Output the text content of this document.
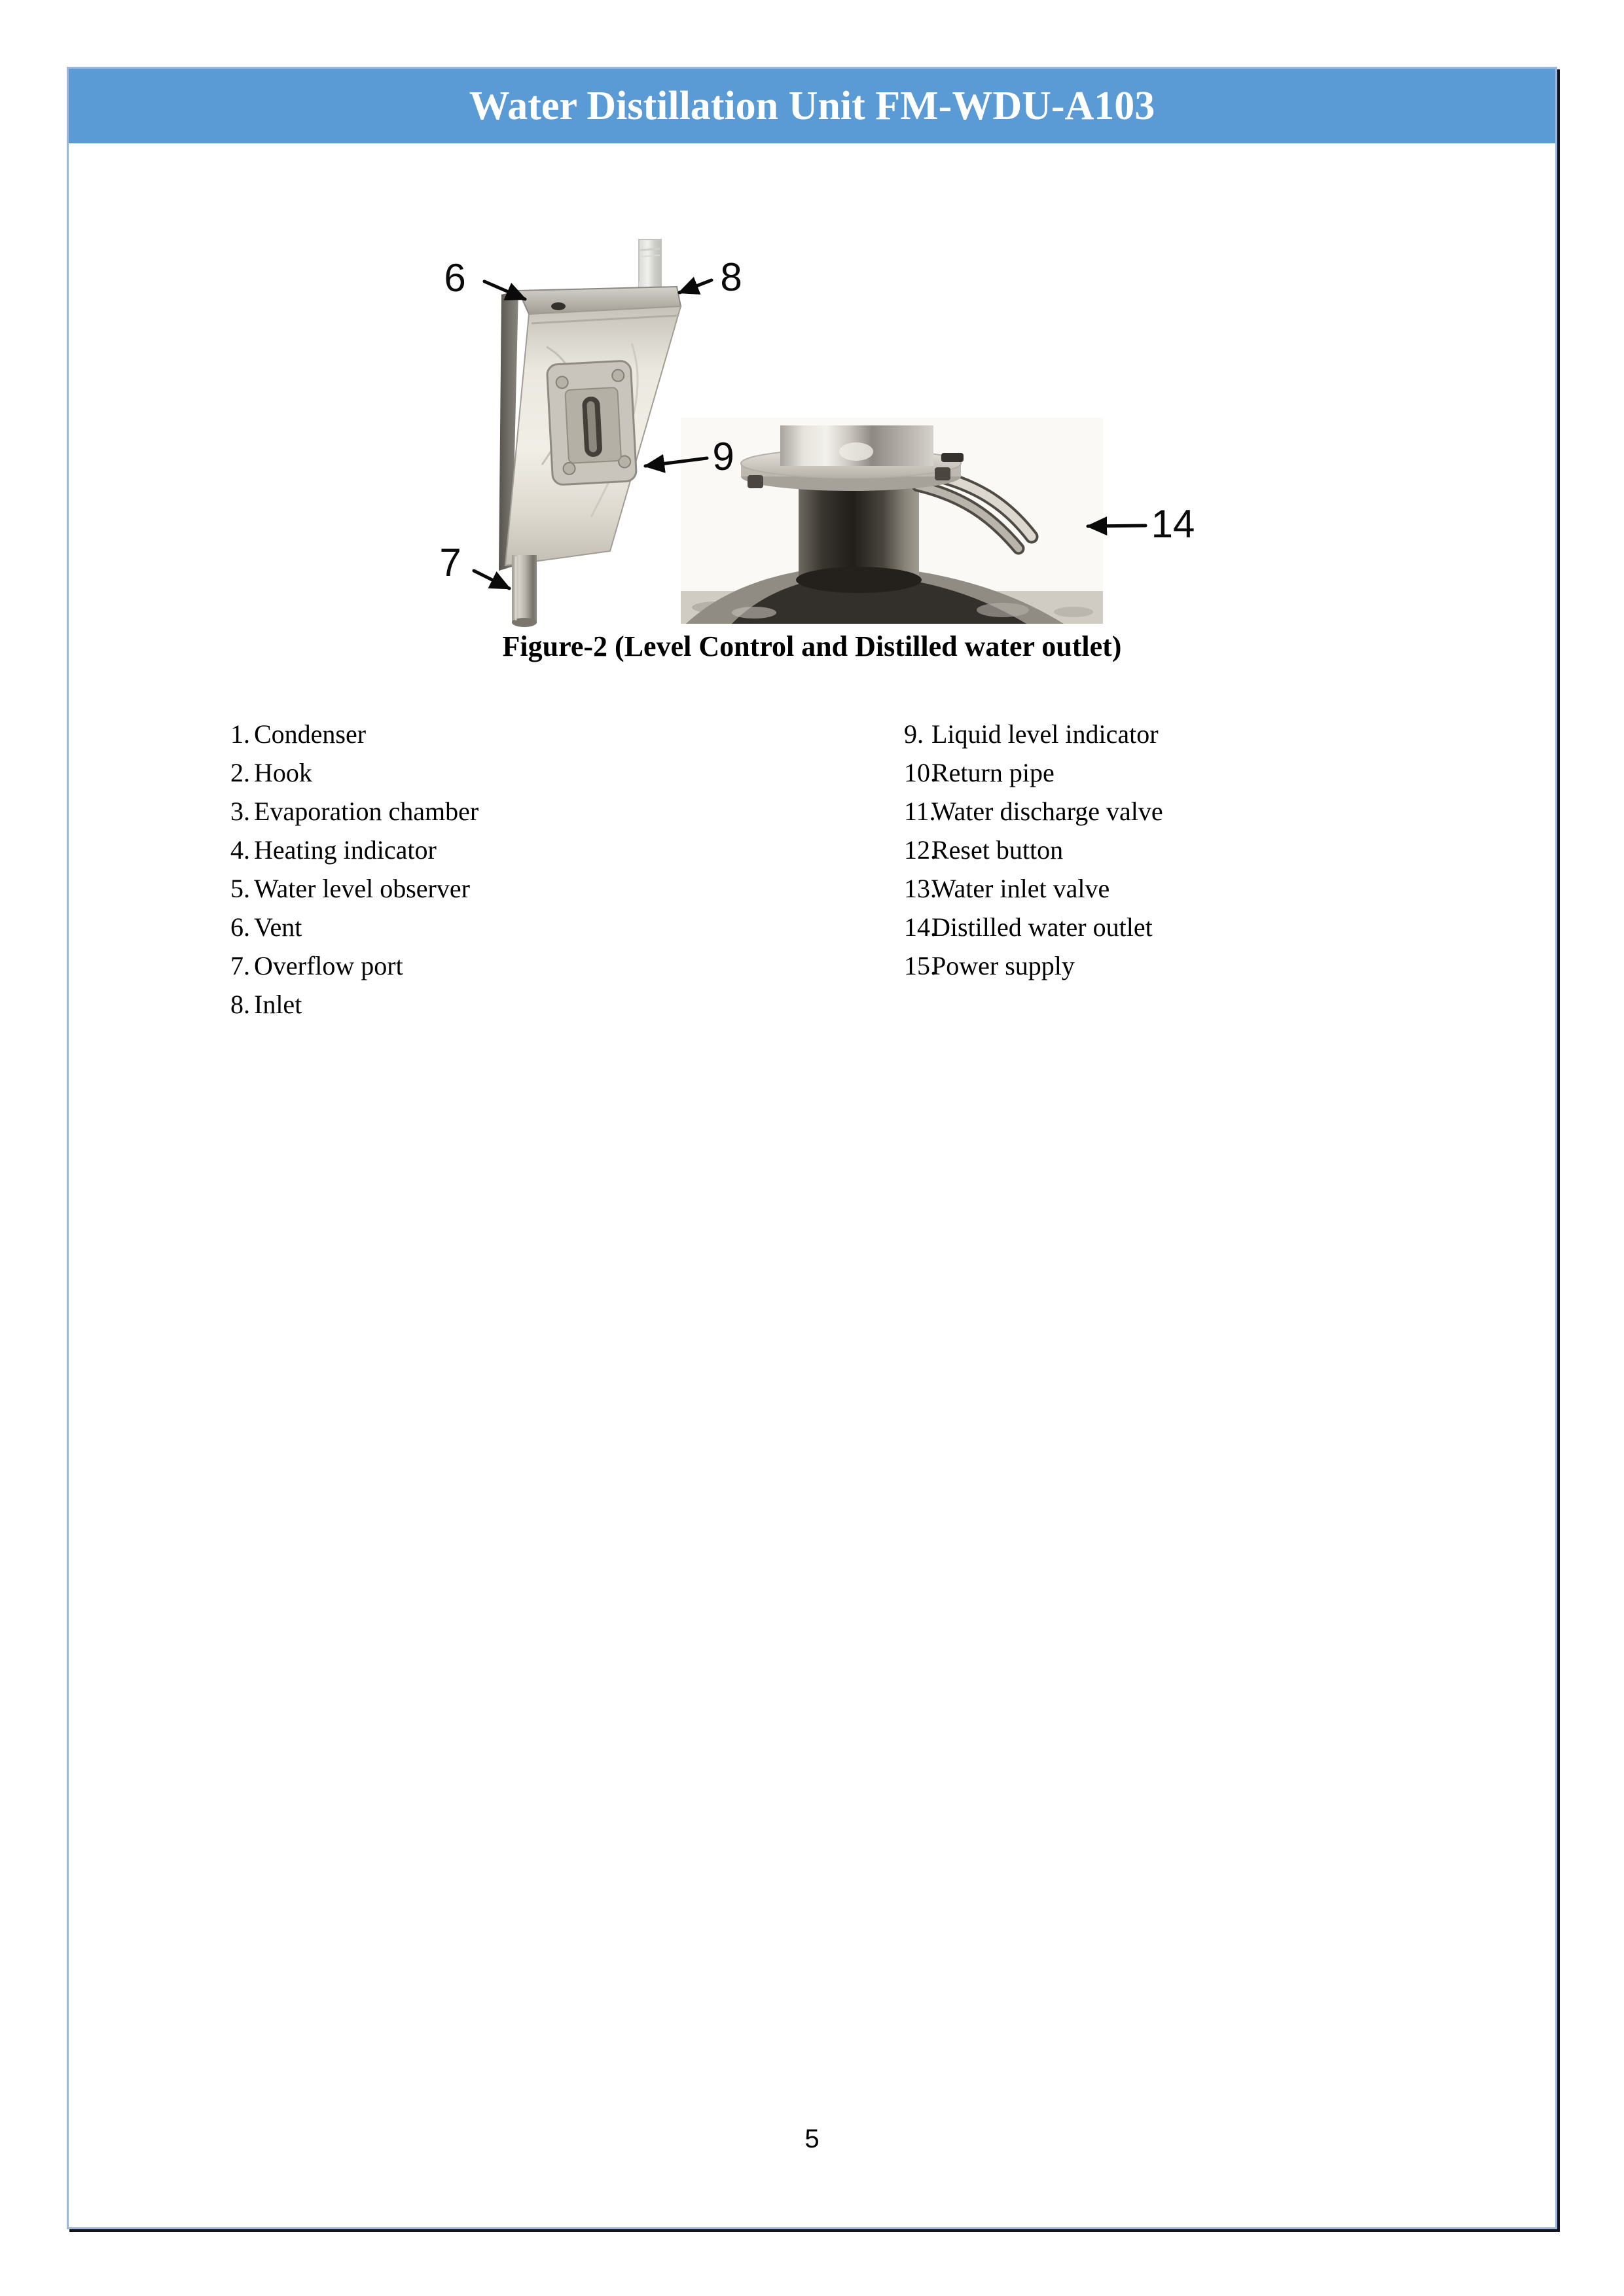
Water Distillation Unit FM-WDU-A103
6	8
9
7
14
Figure-2 (Level Control and Distilled water outlet)
1. Condenser
2. Hook
3. Evaporation chamber
4. Heating indicator
5. Water level observer
6. Vent
7. Overflow port
8. Inlet
9. Liquid level indicator
10.
Return pipe
11.
Water discharge valve
12.
Reset button
13.
Water inlet valve
14.
Distilled water outlet
15.
Power supply
5
